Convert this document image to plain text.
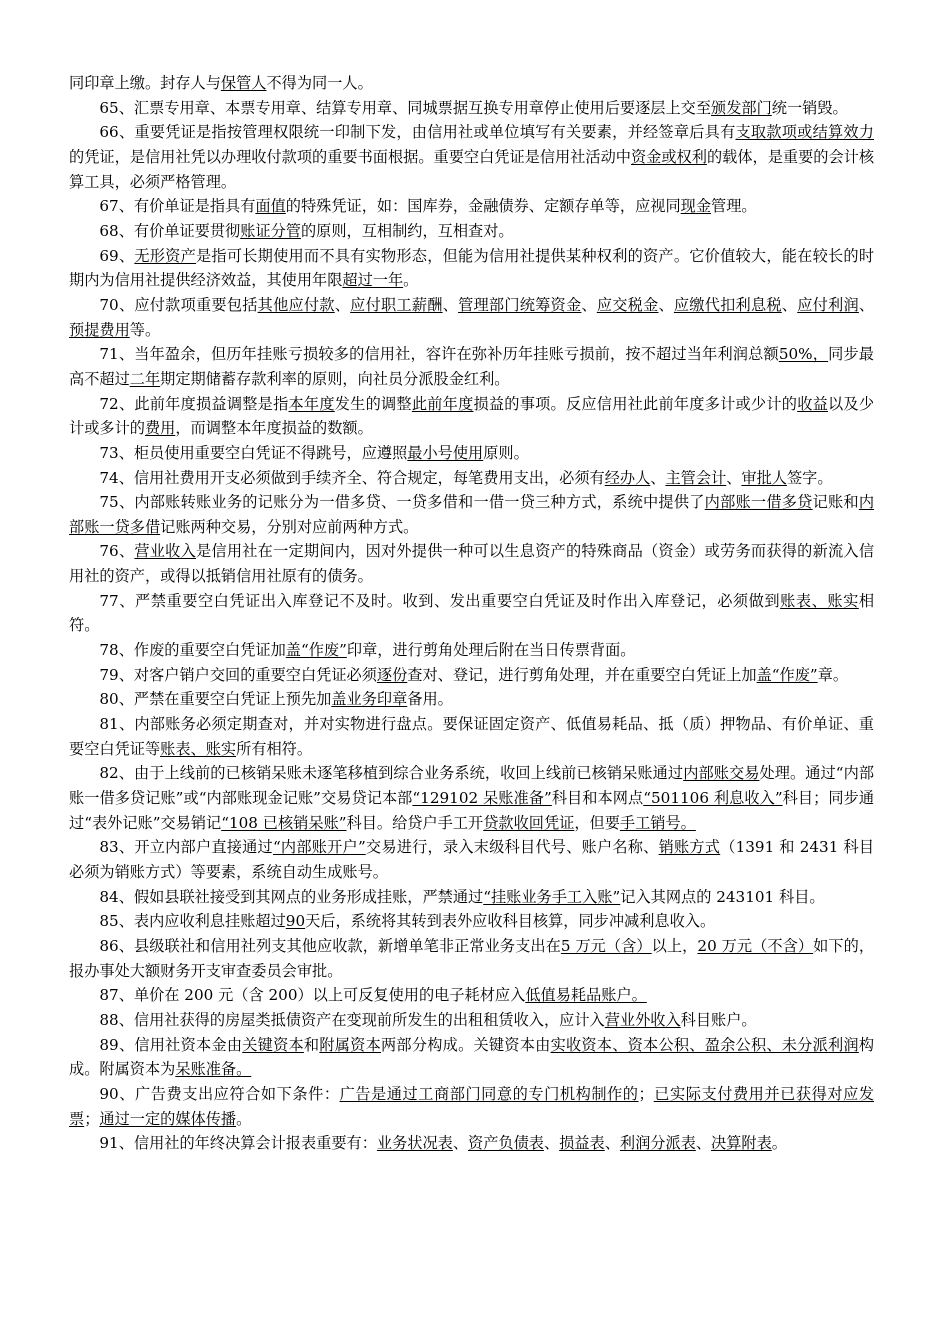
同印章上缴。封存人与保管人不得为同一人。

65、汇票专用章、本票专用章、结算专用章、同城票据互换专用章停止使用后要逐层上交至颁发部门统一销毁。

66、重要凭证是指按管理权限统一印制下发，由信用社或单位填写有关要素，并经签章后具有支取款项或结算效力的凭证，是信用社凭以办理收付款项的重要书面根据。重要空白凭证是信用社活动中资金或权利的载体，是重要的会计核算工具，必须严格管理。

67、有价单证是指具有面值的特殊凭证，如：国库券，金融债券、定额存单等，应视同现金管理。

68、有价单证要贯彻账证分管的原则，互相制约，互相查对。

69、无形资产是指可长期使用而不具有实物形态，但能为信用社提供某种权利的资产。它价值较大，能在较长的时期内为信用社提供经济效益，其使用年限超过一年。

70、应付款项重要包括其他应付款、应付职工薪酬、管理部门统筹资金、应交税金、应缴代扣利息税、应付利润、预提费用等。

71、当年盈余，但历年挂账亏损较多的信用社，容许在弥补历年挂账亏损前，按不超过当年利润总额50%，同步最高不超过二年期定期储蓄存款利率的原则，向社员分派股金红利。

72、此前年度损益调整是指本年度发生的调整此前年度损益的事项。反应信用社此前年度多计或少计的收益以及少计或多计的费用，而调整本年度损益的数额。

73、柜员使用重要空白凭证不得跳号，应遵照最小号使用原则。

74、信用社费用开支必须做到手续齐全、符合规定，每笔费用支出，必须有经办人、主管会计、审批人签字。

75、内部账转账业务的记账分为一借多贷、一贷多借和一借一贷三种方式，系统中提供了内部账一借多贷记账和内部账一贷多借记账两种交易，分别对应前两种方式。

76、营业收入是信用社在一定期间内，因对外提供一种可以生息资产的特殊商品（资金）或劳务而获得的新流入信用社的资产，或得以抵销信用社原有的债务。

77、严禁重要空白凭证出入库登记不及时。收到、发出重要空白凭证及时作出入库登记，必须做到账表、账实相符。

78、作废的重要空白凭证加盖“作废”印章，进行剪角处理后附在当日传票背面。

79、对客户销户交回的重要空白凭证必须逐份查对、登记，进行剪角处理，并在重要空白凭证上加盖“作废”章。

80、严禁在重要空白凭证上预先加盖业务印章备用。

81、内部账务必须定期查对，并对实物进行盘点。要保证固定资产、低值易耗品、抵（质）押物品、有价单证、重要空白凭证等账表、账实所有相符。

82、由于上线前的已核销呆账未逐笔移植到综合业务系统，收回上线前已核销呆账通过内部账交易处理。通过“内部账一借多贷记账”或“内部账现金记账”交易贷记本部“129102 呆账准备”科目和本网点“501106 利息收入”科目；同步通过“表外记账”交易销记“108 已核销呆账”科目。给贷户手工开贷款收回凭证，但要手工销号。

83、开立内部户直接通过“内部账开户”交易进行，录入末级科目代号、账户名称、销账方式（1391 和 2431 科目必须为销账方式）等要素，系统自动生成账号。

84、假如县联社接受到其网点的业务形成挂账，严禁通过“挂账业务手工入账”记入其网点的 243101 科目。

85、表内应收利息挂账超过90天后，系统将其转到表外应收科目核算，同步冲减利息收入。

86、县级联社和信用社列支其他应收款，新增单笔非正常业务支出在5 万元（含）以上，20 万元（不含）如下的，报办事处大额财务开支审查委员会审批。

87、单价在 200 元（含 200）以上可反复使用的电子耗材应入低值易耗品账户。

88、信用社获得的房屋类抵债资产在变现前所发生的出租租赁收入，应计入营业外收入科目账户。

89、信用社资本金由关键资本和附属资本两部分构成。关键资本由实收资本、资本公积、盈余公积、未分派利润构成。附属资本为呆账准备。

90、广告费支出应符合如下条件：广告是通过工商部门同意的专门机构制作的；已实际支付费用并已获得对应发票；通过一定的媒体传播。

91、信用社的年终决算会计报表重要有：业务状况表、资产负债表、损益表、利润分派表、决算附表。
